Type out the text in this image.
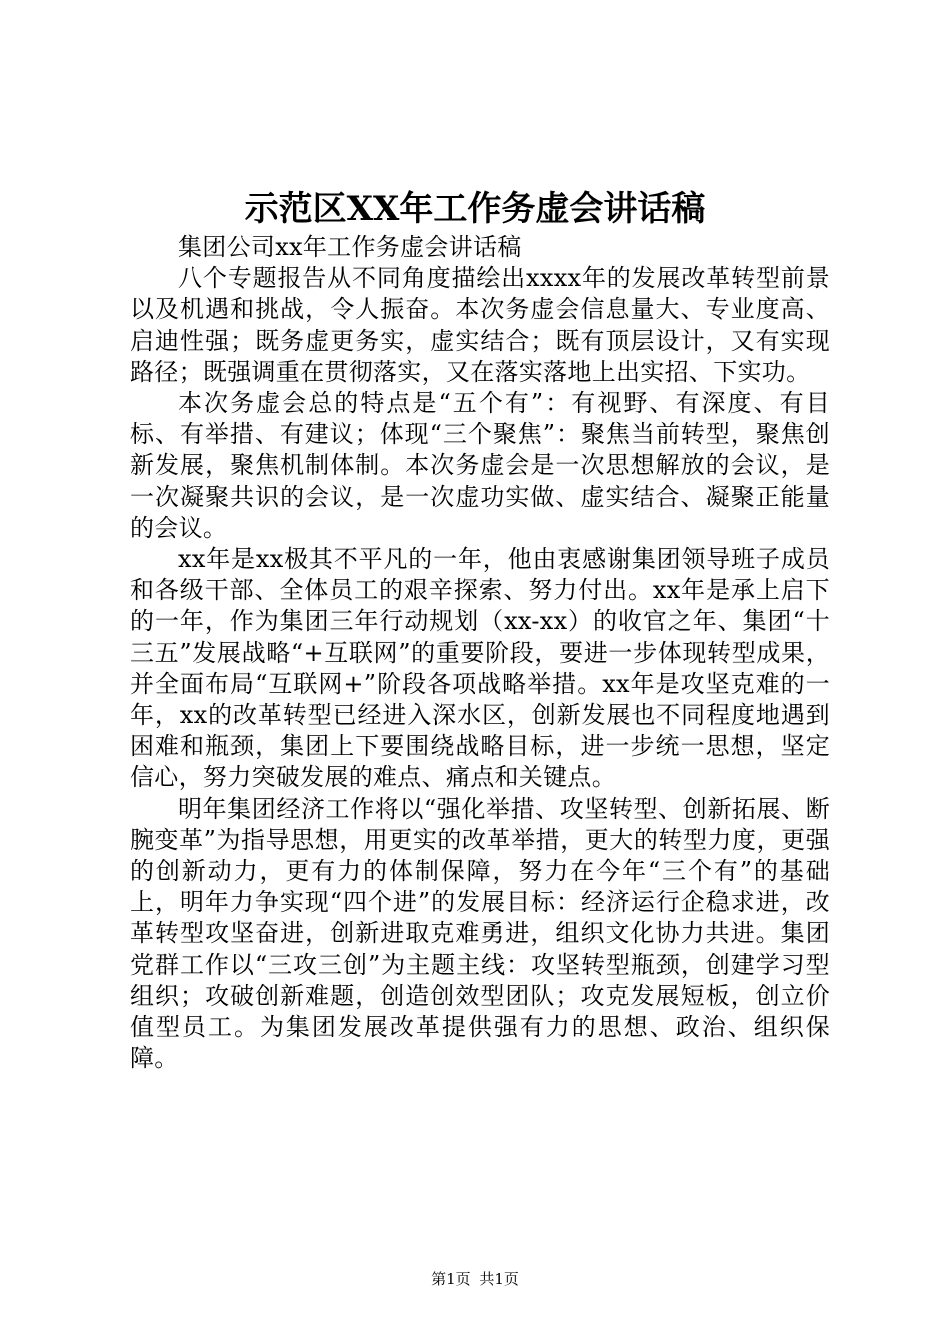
示范区XX年工作务虚会讲话稿

集团公司xx年工作务虚会讲话稿

八个专题报告从不同角度描绘出xxxx年的发展改革转型前景以及机遇和挑战，令人振奋。本次务虚会信息量大、专业度高、启迪性强；既务虚更务实，虚实结合；既有顶层设计，又有实现路径；既强调重在贯彻落实，又在落实落地上出实招、下实功。

本次务虚会总的特点是“五个有”：有视野、有深度、有目标、有举措、有建议；体现“三个聚焦”：聚焦当前转型，聚焦创新发展，聚焦机制体制。本次务虚会是一次思想解放的会议，是一次凝聚共识的会议，是一次虚功实做、虚实结合、凝聚正能量的会议。

xx年是xx极其不平凡的一年，他由衷感谢集团领导班子成员和各级干部、全体员工的艰辛探索、努力付出。xx年是承上启下的一年，作为集团三年行动规划（xx-xx）的收官之年、集团“十三五”发展战略“+互联网”的重要阶段，要进一步体现转型成果，并全面布局“互联网+”阶段各项战略举措。xx年是攻坚克难的一年，xx的改革转型已经进入深水区，创新发展也不同程度地遇到困难和瓶颈，集团上下要围绕战略目标，进一步统一思想，坚定信心，努力突破发展的难点、痛点和关键点。

明年集团经济工作将以“强化举措、攻坚转型、创新拓展、断腕变革”为指导思想，用更实的改革举措，更大的转型力度，更强的创新动力，更有力的体制保障，努力在今年“三个有”的基础上，明年力争实现“四个进”的发展目标：经济运行企稳求进，改革转型攻坚奋进，创新进取克难勇进，组织文化协力共进。集团党群工作以“三攻三创”为主题主线：攻坚转型瓶颈，创建学习型组织；攻破创新难题，创造创效型团队；攻克发展短板，创立价值型员工。为集团发展改革提供强有力的思想、政治、组织保障。

第1页 共1页
